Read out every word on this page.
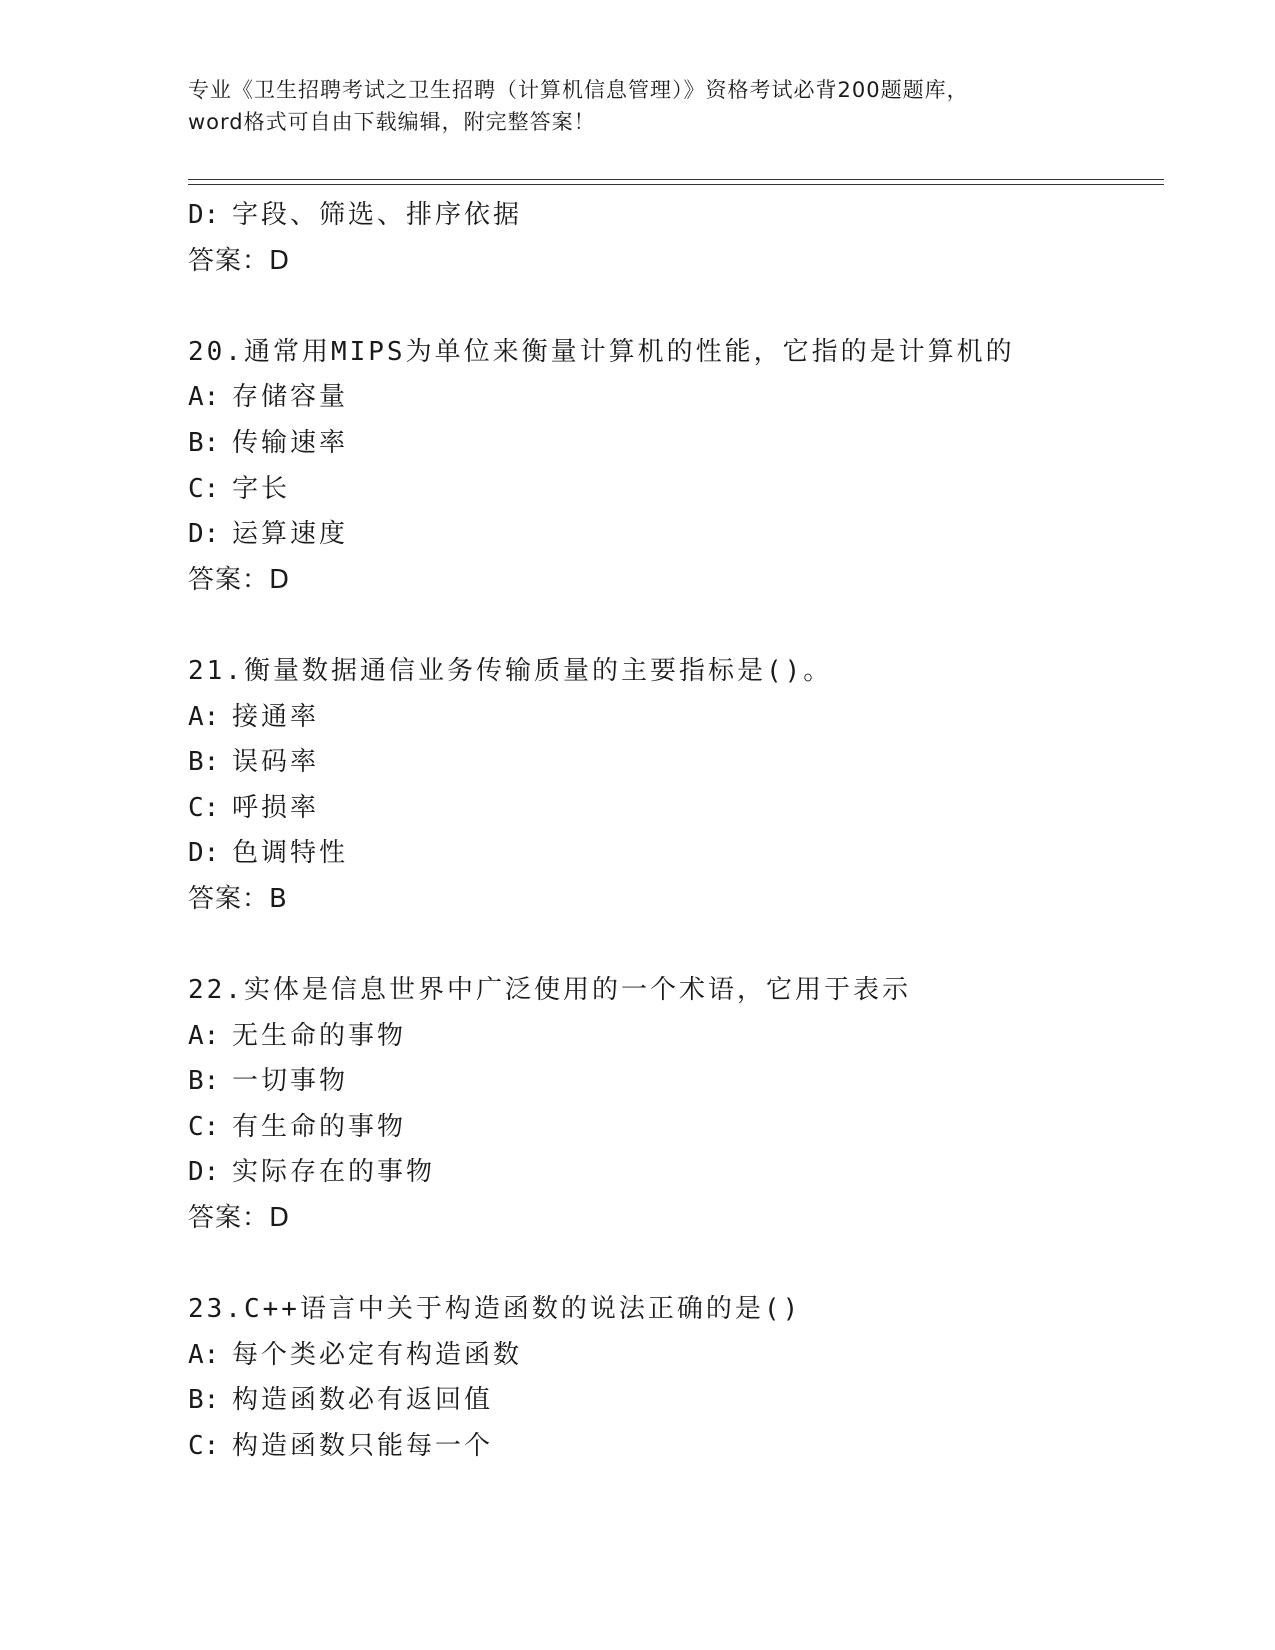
专业《卫生招聘考试之卫生招聘（计算机信息管理）》资格考试必背200题题库，
word格式可自由下载编辑，附完整答案！
D: 字段、筛选、排序依据
答案：D
20.通常用MIPS为单位来衡量计算机的性能，它指的是计算机的
A: 存储容量
B: 传输速率
C: 字长
D: 运算速度
答案：D
21.衡量数据通信业务传输质量的主要指标是()。
A: 接通率
B: 误码率
C: 呼损率
D: 色调特性
答案：B
22.实体是信息世界中广泛使用的一个术语，它用于表示
A: 无生命的事物
B: 一切事物
C: 有生命的事物
D: 实际存在的事物
答案：D
23.C++语言中关于构造函数的说法正确的是()
A: 每个类必定有构造函数
B: 构造函数必有返回值
C: 构造函数只能每一个
